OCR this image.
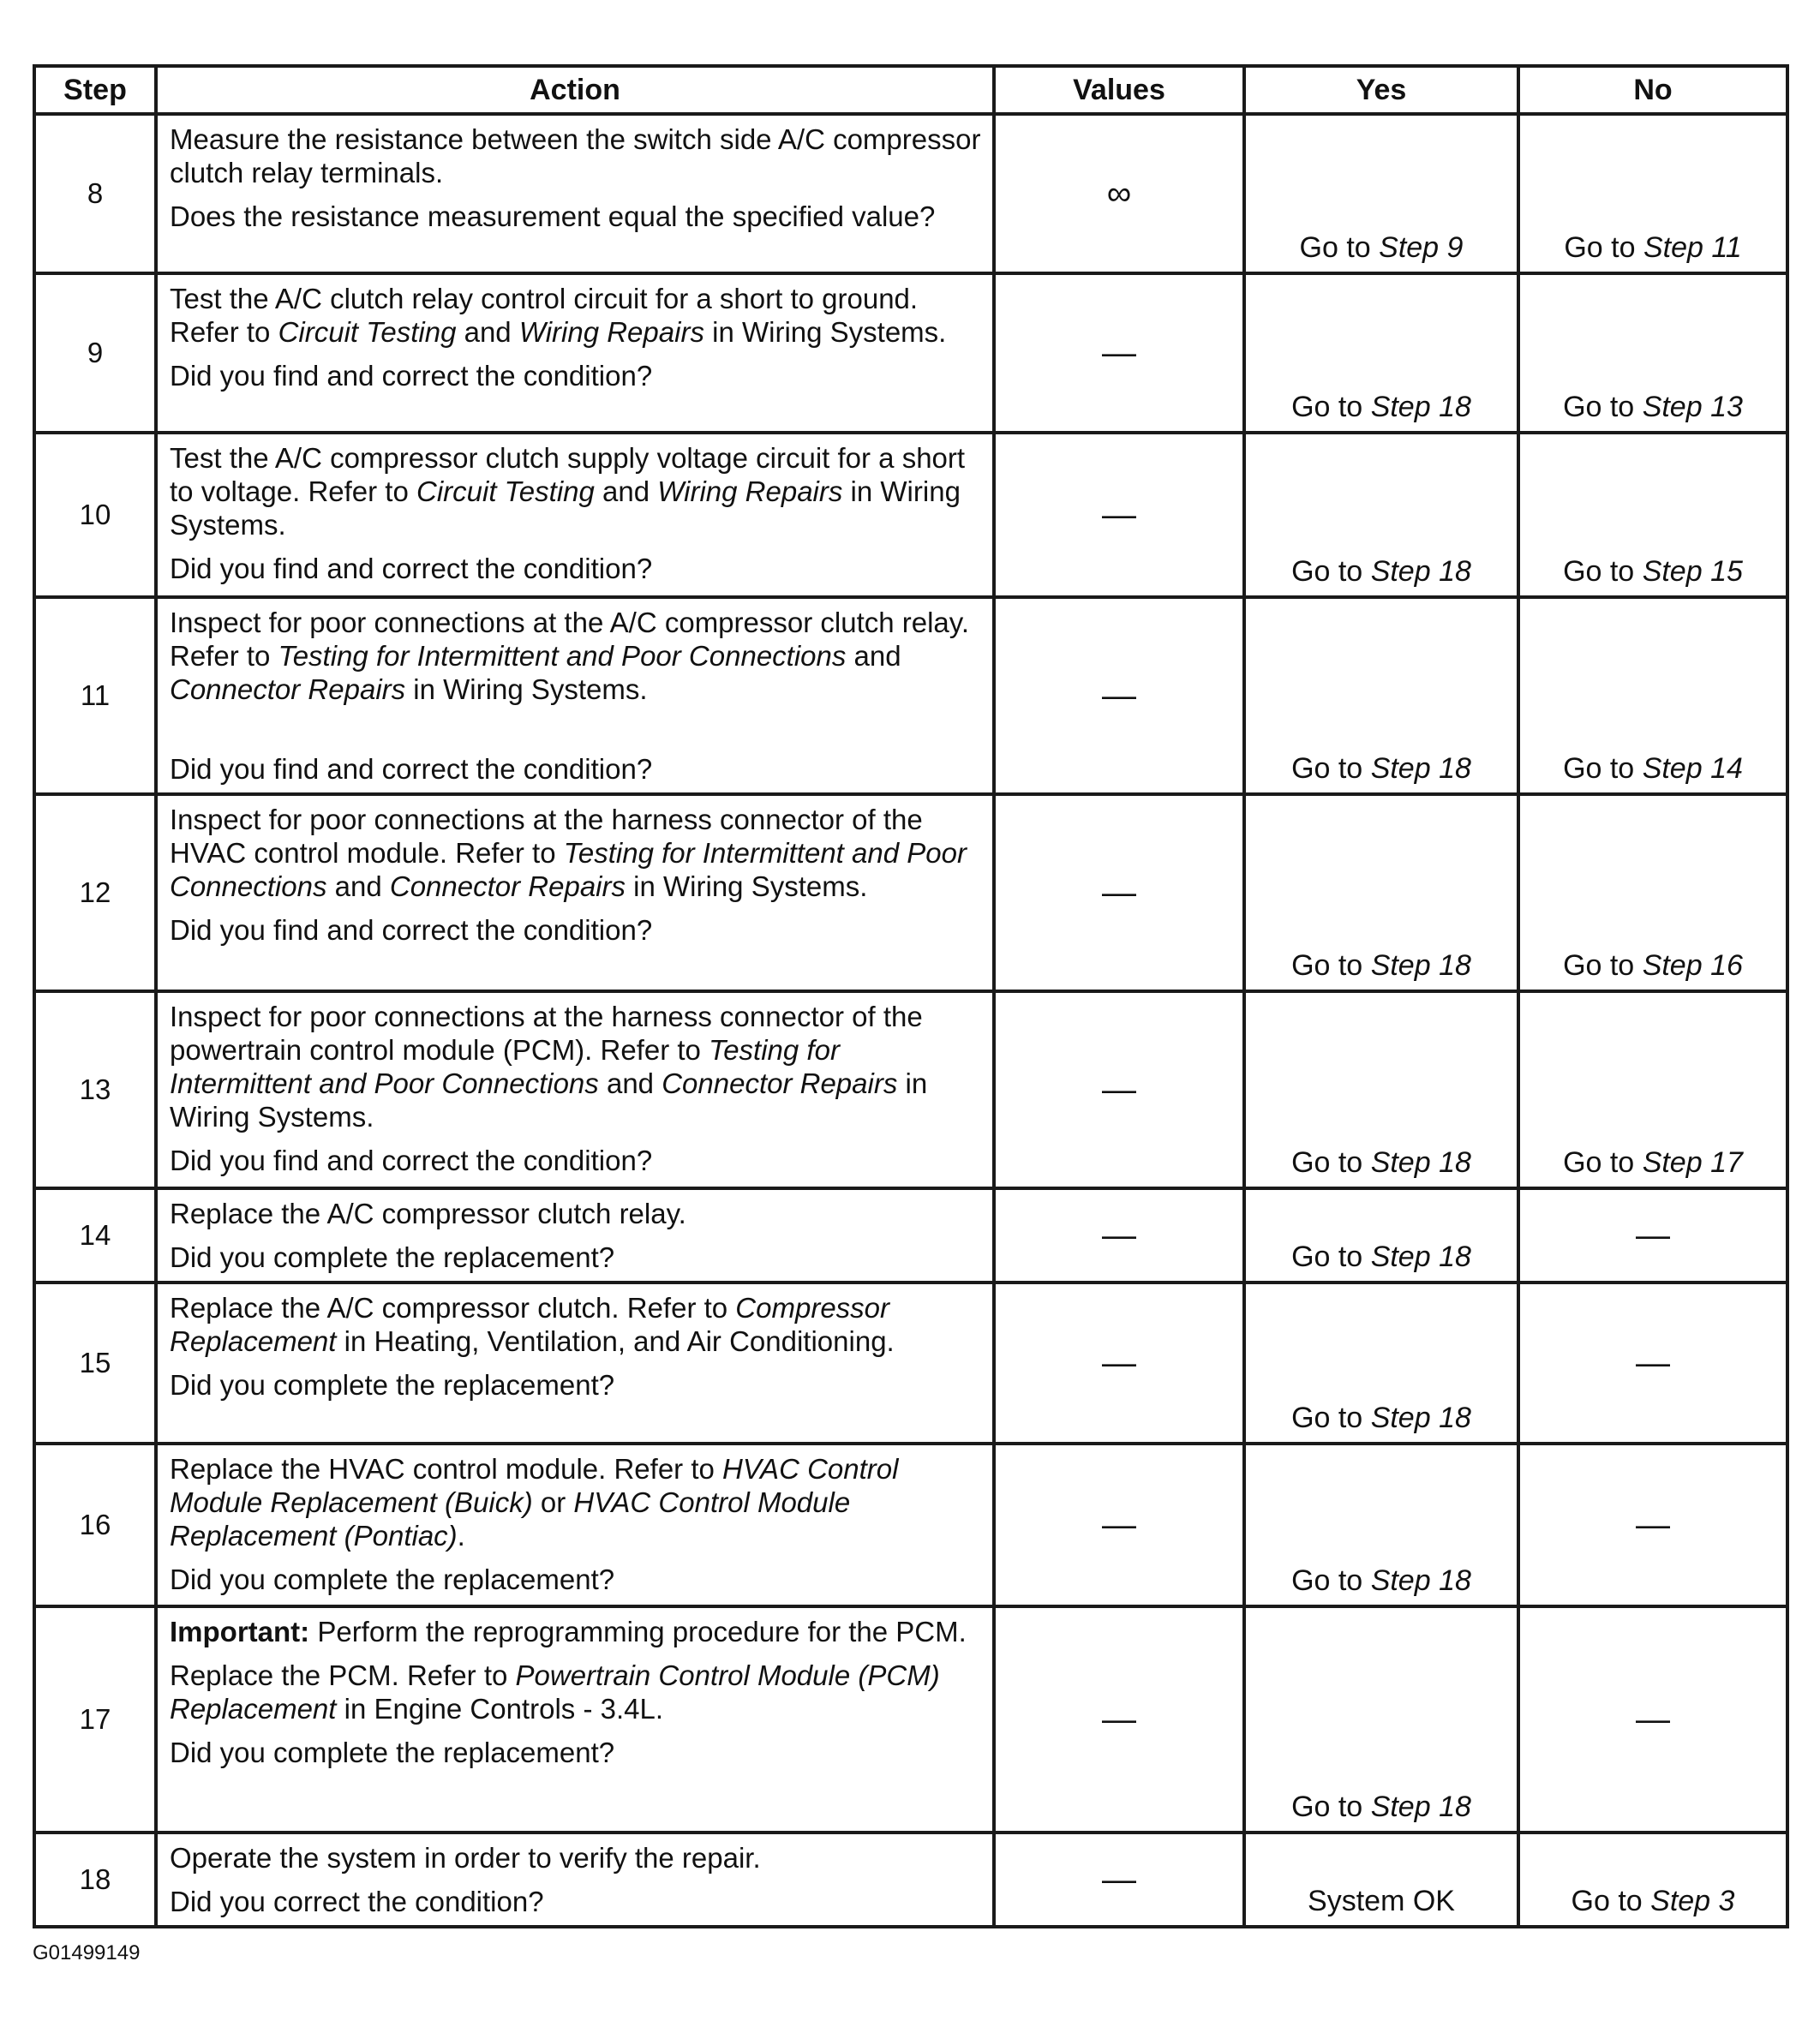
Step	Action	Values	Yes	No
8	Measure the resistance between the switch side A/C compressor clutch relay terminals.

Does the resistance measurement equal the specified value?	∞	Go to Step 9	Go to Step 11
9	Test the A/C clutch relay control circuit for a short to ground. Refer to Circuit Testing and Wiring Repairs in Wiring Systems.

Did you find and correct the condition?	—	Go to Step 18	Go to Step 13
10	Test the A/C compressor clutch supply voltage circuit for a short to voltage. Refer to Circuit Testing and Wiring Repairs in Wiring Systems.

Did you find and correct the condition?	—	Go to Step 18	Go to Step 15
11	Inspect for poor connections at the A/C compressor clutch relay. Refer to Testing for Intermittent and Poor Connections and Connector Repairs in Wiring Systems.

Did you find and correct the condition?	—	Go to Step 18	Go to Step 14
12	Inspect for poor connections at the harness connector of the HVAC control module. Refer to Testing for Intermittent and Poor Connections and Connector Repairs in Wiring Systems.

Did you find and correct the condition?	—	Go to Step 18	Go to Step 16
13	Inspect for poor connections at the harness connector of the powertrain control module (PCM). Refer to Testing for Intermittent and Poor Connections and Connector Repairs in Wiring Systems.

Did you find and correct the condition?	—	Go to Step 18	Go to Step 17
14	Replace the A/C compressor clutch relay.

Did you complete the replacement?	—	Go to Step 18	—
15	Replace the A/C compressor clutch. Refer to Compressor Replacement in Heating, Ventilation, and Air Conditioning.

Did you complete the replacement?	—	Go to Step 18	—
16	Replace the HVAC control module. Refer to HVAC Control Module Replacement (Buick) or HVAC Control Module Replacement (Pontiac).

Did you complete the replacement?	—	Go to Step 18	—
17	Important: Perform the reprogramming procedure for the PCM.

Replace the PCM. Refer to Powertrain Control Module (PCM) Replacement in Engine Controls - 3.4L.

Did you complete the replacement?	—	Go to Step 18	—
18	Operate the system in order to verify the repair.

Did you correct the condition?	—	System OK	Go to Step 3
G01499149
